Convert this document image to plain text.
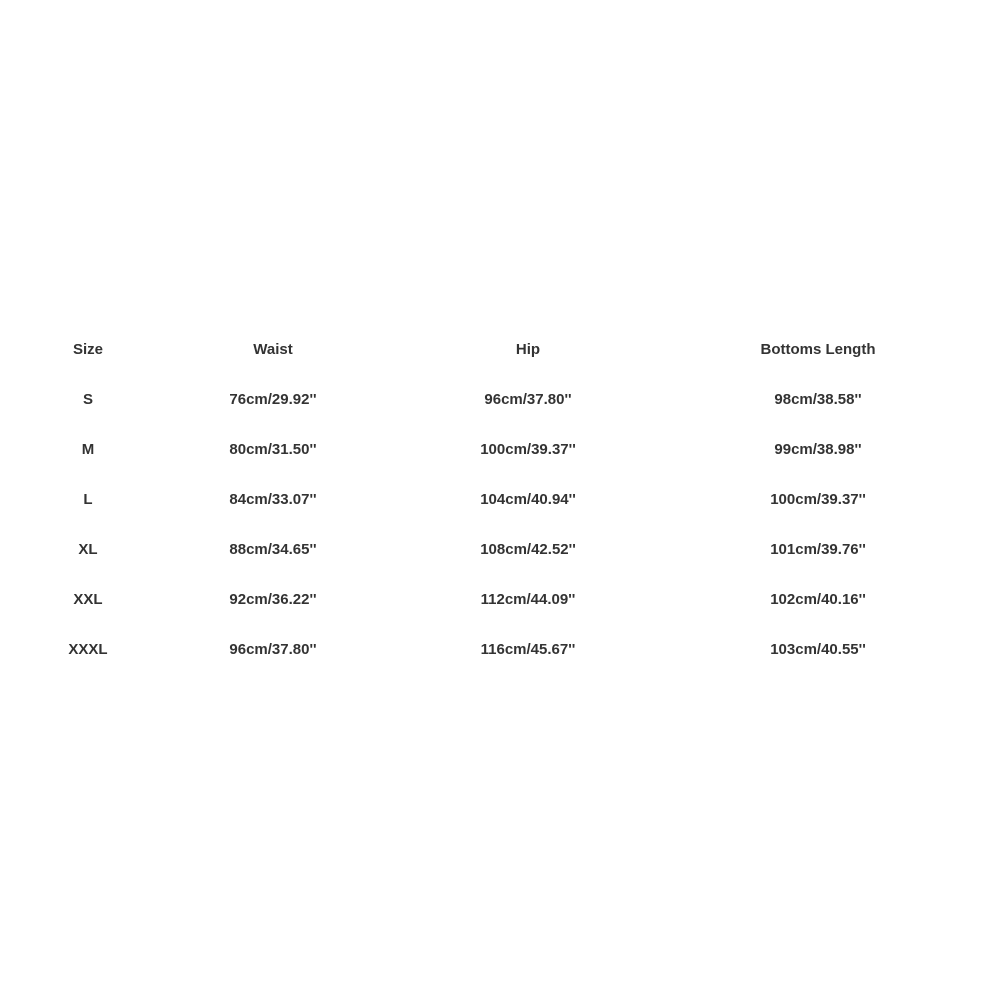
Size	Waist	Hip	Bottoms Length
S	76cm/29.92''	96cm/37.80''	98cm/38.58''
M	80cm/31.50''	100cm/39.37''	99cm/38.98''
L	84cm/33.07''	104cm/40.94''	100cm/39.37''
XL	88cm/34.65''	108cm/42.52''	101cm/39.76''
XXL	92cm/36.22''	112cm/44.09''	102cm/40.16''
XXXL	96cm/37.80''	116cm/45.67''	103cm/40.55''
